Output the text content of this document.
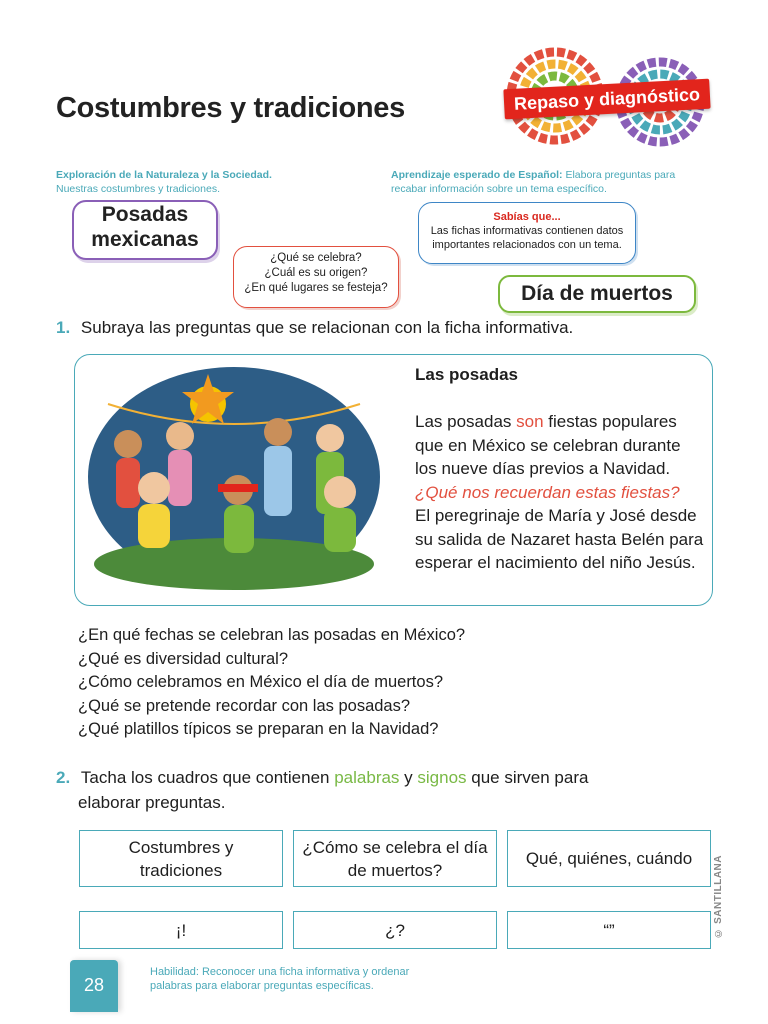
Costumbres y tradiciones	Repaso y diagnóstico
Exploración de la Naturaleza y la Sociedad.
Nuestras costumbres y tradiciones.
Aprendizaje esperado de Español: Elabora preguntas para
recabar información sobre un tema específico.
Posadas
mexicanas
¿Qué se celebra?
¿Cuál es su origen?
¿En qué lugares se festeja?
Sabías que...
Las fichas informativas contienen datos
importantes relacionados con un tema.
Día de muertos
1. Subraya las preguntas que se relacionan con la ficha informativa.
Las posadas
Las posadas son fiestas populares que en México se celebran durante los nueve días previos a Navidad.
¿Qué nos recuerdan estas fiestas?
El peregrinaje de María y José desde su salida de Nazaret hasta Belén para esperar el nacimiento del niño Jesús.
¿En qué fechas se celebran las posadas en México?
¿Qué es diversidad cultural?
¿Cómo celebramos en México el día de muertos?
¿Qué se pretende recordar con las posadas?
¿Qué platillos típicos se preparan en la Navidad?
2. Tacha los cuadros que contienen palabras y signos que sirven para
elaborar preguntas.
Costumbres y
tradiciones
¿Cómo se celebra el día
de muertos?
Qué, quiénes, cuándo
¡!	¿?	“”	© SANTILLANA
28
Habilidad: Reconocer una ficha informativa y ordenar
palabras para elaborar preguntas específicas.
